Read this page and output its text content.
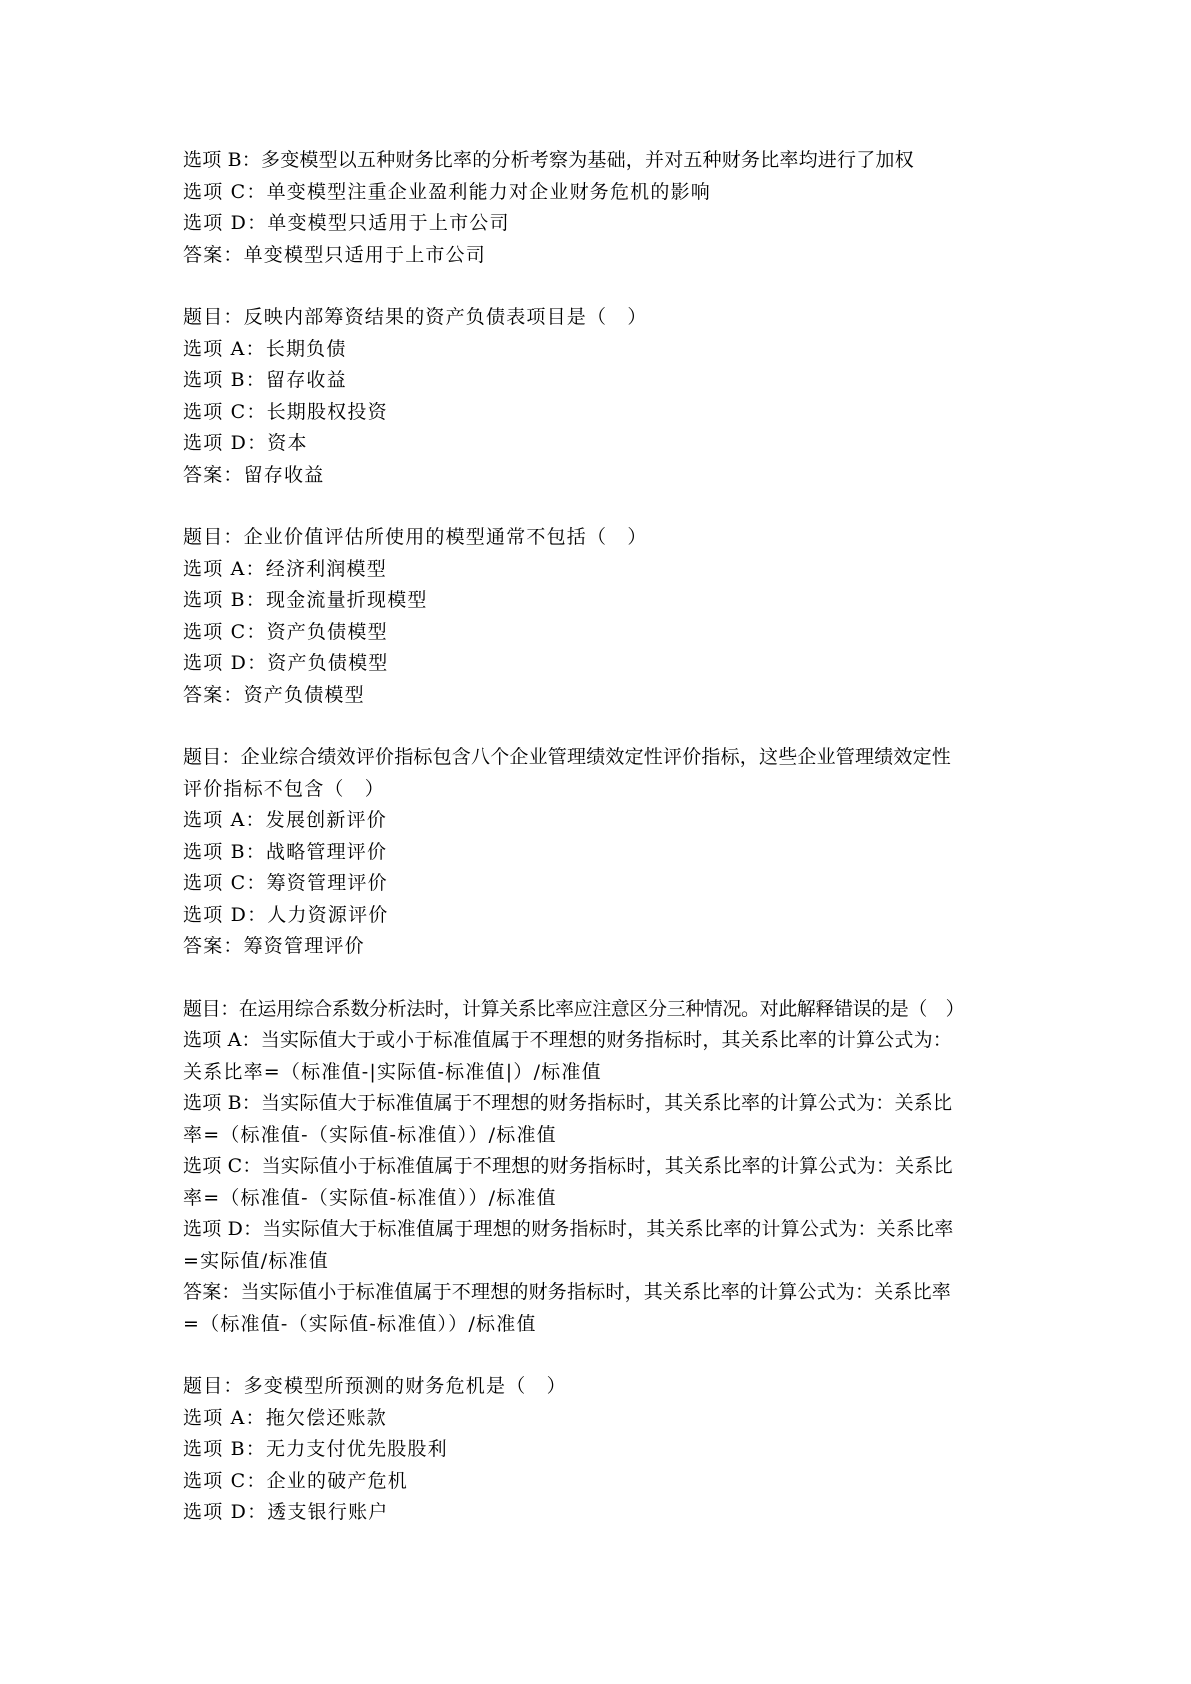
选项 B：多变模型以五种财务比率的分析考察为基础，并对五种财务比率均进行了加权
选项 C：单变模型注重企业盈利能力对企业财务危机的影响
选项 D：单变模型只适用于上市公司
答案：单变模型只适用于上市公司
题目：反映内部筹资结果的资产负债表项目是（　）
选项 A：长期负债
选项 B：留存收益
选项 C：长期股权投资
选项 D：资本
答案：留存收益
题目：企业价值评估所使用的模型通常不包括（　）
选项 A：经济利润模型
选项 B：现金流量折现模型
选项 C：资产负债模型
选项 D：资产负债模型
答案：资产负债模型
题目：企业综合绩效评价指标包含八个企业管理绩效定性评价指标，这些企业管理绩效定性
评价指标不包含（　）
选项 A：发展创新评价
选项 B：战略管理评价
选项 C：筹资管理评价
选项 D：人力资源评价
答案：筹资管理评价
题目：在运用综合系数分析法时，计算关系比率应注意区分三种情况。对此解释错误的是（　）
选项 A：当实际值大于或小于标准值属于不理想的财务指标时，其关系比率的计算公式为：
关系比率=（标准值-|实际值-标准值|）/标准值
选项 B：当实际值大于标准值属于不理想的财务指标时，其关系比率的计算公式为：关系比
率=（标准值-（实际值-标准值））/标准值
选项 C：当实际值小于标准值属于不理想的财务指标时，其关系比率的计算公式为：关系比
率=（标准值-（实际值-标准值））/标准值
选项 D：当实际值大于标准值属于理想的财务指标时，其关系比率的计算公式为：关系比率
=实际值/标准值
答案：当实际值小于标准值属于不理想的财务指标时，其关系比率的计算公式为：关系比率
=（标准值-（实际值-标准值））/标准值
题目：多变模型所预测的财务危机是（　）
选项 A：拖欠偿还账款
选项 B：无力支付优先股股利
选项 C：企业的破产危机
选项 D：透支银行账户
